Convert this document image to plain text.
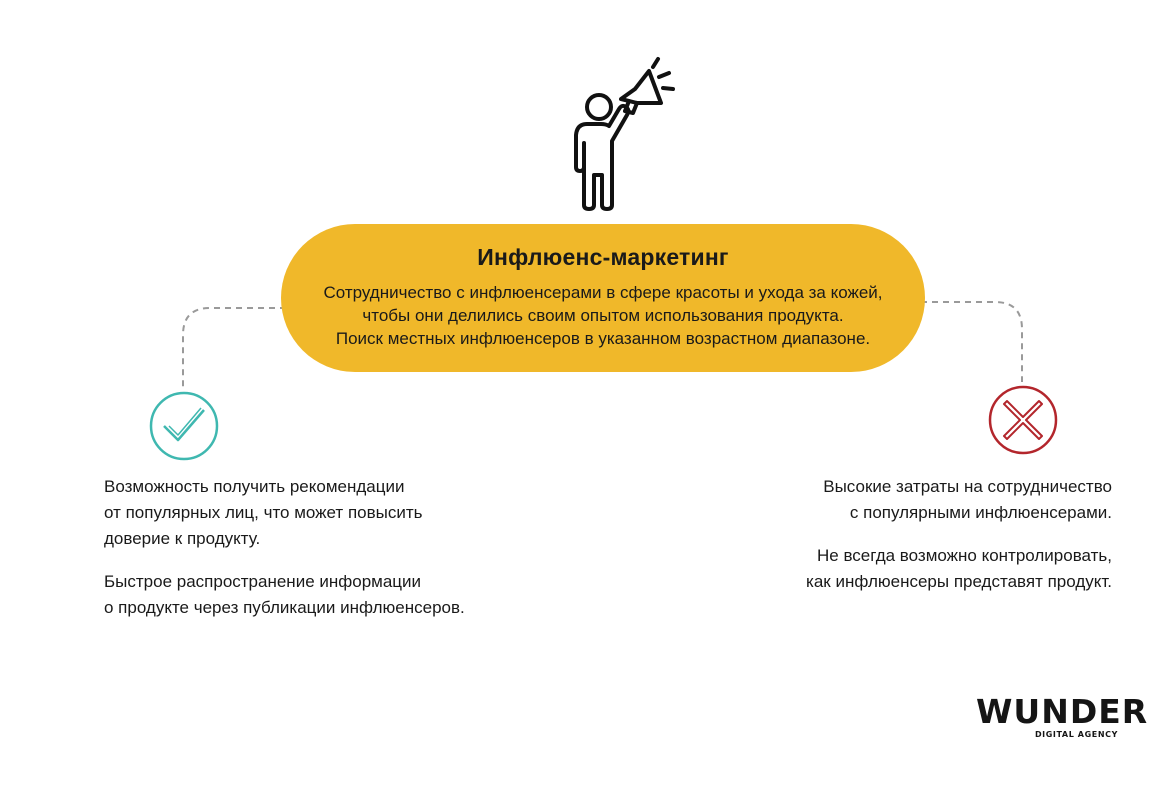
Инфлюенс-маркетинг
Сотрудничество с инфлюенсерами в сфере красоты и ухода за кожей,
чтобы они делились своим опытом использования продукта.
Поиск местных инфлюенсеров в указанном возрастном диапазоне.

Возможность получить рекомендации
от популярных лиц, что может повысить
доверие к продукту.

Быстрое распространение информации
о продукте через публикации инфлюенсеров.

Высокие затраты на сотрудничество
с популярными инфлюенсерами.

Не всегда возможно контролировать,
как инфлюенсеры представят продукт.

WUNDER
DIGITAL AGENCY
